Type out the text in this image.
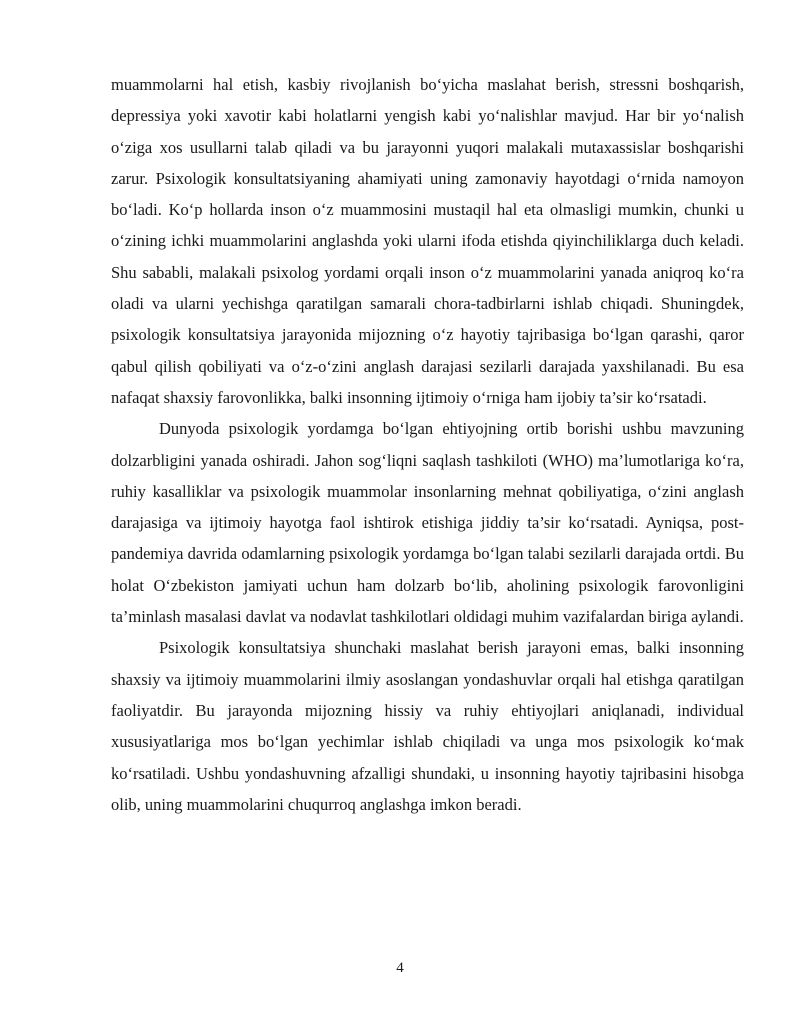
muammolarni hal etish, kasbiy rivojlanish bo‘yicha maslahat berish, stressni boshqarish, depressiya yoki xavotir kabi holatlarni yengish kabi yo‘nalishlar mavjud. Har bir yo‘nalish o‘ziga xos usullarni talab qiladi va bu jarayonni yuqori malakali mutaxassislar boshqarishi zarur. Psixologik konsultatsiyaning ahamiyati uning zamonaviy hayotdagi o‘rnida namoyon bo‘ladi. Ko‘p hollarda inson o‘z muammosini mustaqil hal eta olmasligi mumkin, chunki u o‘zining ichki muammolarini anglashda yoki ularni ifoda etishda qiyinchiliklarga duch keladi. Shu sababli, malakali psixolog yordami orqali inson o‘z muammolarini yanada aniqroq ko‘ra oladi va ularni yechishga qaratilgan samarali chora-tadbirlarni ishlab chiqadi. Shuningdek, psixologik konsultatsiya jarayonida mijozning o‘z hayotiy tajribasiga bo‘lgan qarashi, qaror qabul qilish qobiliyati va o‘z-o‘zini anglash darajasi sezilarli darajada yaxshilanadi. Bu esa nafaqat shaxsiy farovonlikka, balki insonning ijtimoiy o‘rniga ham ijobiy ta’sir ko‘rsatadi.

Dunyoda psixologik yordamga bo‘lgan ehtiyojning ortib borishi ushbu mavzuning dolzarbligini yanada oshiradi. Jahon sog‘liqni saqlash tashkiloti (WHO) ma’lumotlariga ko‘ra, ruhiy kasalliklar va psixologik muammolar insonlarning mehnat qobiliyatiga, o‘zini anglash darajasiga va ijtimoiy hayotga faol ishtirok etishiga jiddiy ta’sir ko‘rsatadi. Ayniqsa, post-pandemiya davrida odamlarning psixologik yordamga bo‘lgan talabi sezilarli darajada ortdi. Bu holat O‘zbekiston jamiyati uchun ham dolzarb bo‘lib, aholining psixologik farovonligini ta’minlash masalasi davlat va nodavlat tashkilotlari oldidagi muhim vazifalardan biriga aylandi.

Psixologik konsultatsiya shunchaki maslahat berish jarayoni emas, balki insonning shaxsiy va ijtimoiy muammolarini ilmiy asoslangan yondashuvlar orqali hal etishga qaratilgan faoliyatdir. Bu jarayonda mijozning hissiy va ruhiy ehtiyojlari aniqlanadi, individual xususiyatlariga mos bo‘lgan yechimlar ishlab chiqiladi va unga mos psixologik ko‘mak ko‘rsatiladi. Ushbu yondashuvning afzalligi shundaki, u insonning hayotiy tajribasini hisobga olib, uning muammolarini chuqurroq anglashga imkon beradi.

4
